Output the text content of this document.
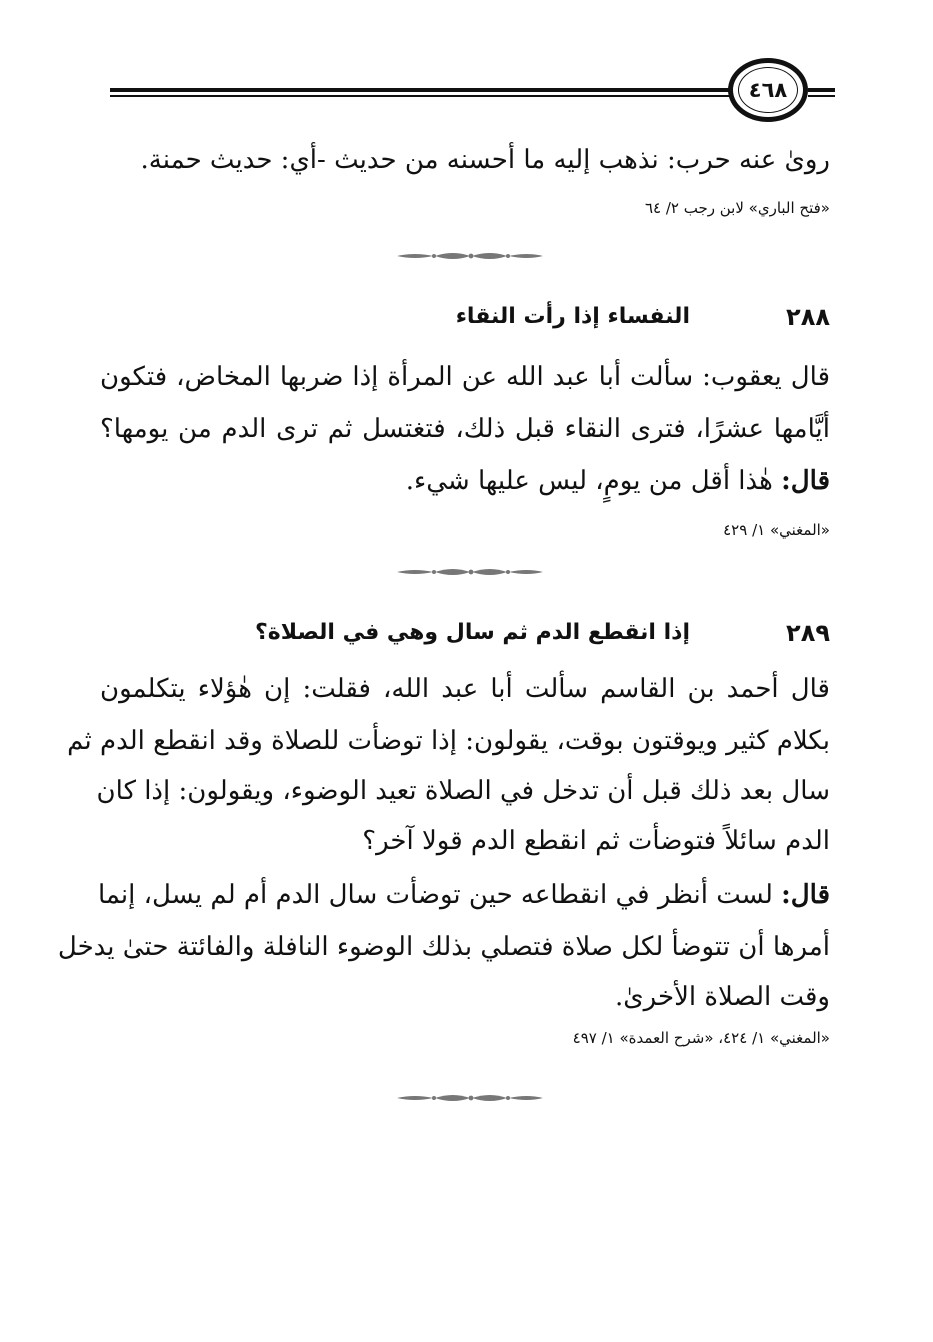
٤٦٨
رویٰ عنه حرب: نذهب إليه ما أحسنه من حديث -أي: حديث حمنة.
«فتح الباري» لابن رجب ٢/ ٦٤
٢٨٨
النفساء إذا رأت النقاء
قال يعقوب: سألت أبا عبد الله عن المرأة إذا ضربها المخاض، فتكون
أيَّامها عشرًا، فترى النقاء قبل ذلك، فتغتسل ثم ترى الدم من يومها؟
قال: هٰذا أقل من يومٍ، ليس عليها شيء.
«المغني» ١/ ٤٢٩
٢٨٩
إذا انقطع الدم ثم سال وهي في الصلاة؟
قال أحمد بن القاسم سألت أبا عبد الله، فقلت: إن هٰؤلاء يتكلمون
بكلام كثير ويوقتون بوقت، يقولون: إذا توضأت للصلاة وقد انقطع الدم ثم
سال بعد ذلك قبل أن تدخل في الصلاة تعيد الوضوء، ويقولون: إذا كان
الدم سائلاً فتوضأت ثم انقطع الدم قولا آخر؟
قال: لست أنظر في انقطاعه حين توضأت سال الدم أم لم يسل، إنما
أمرها أن تتوضأ لكل صلاة فتصلي بذلك الوضوء النافلة والفائتة حتىٰ يدخل
وقت الصلاة الأخرىٰ.
«المغني» ١/ ٤٢٤، «شرح العمدة» ١/ ٤٩٧
